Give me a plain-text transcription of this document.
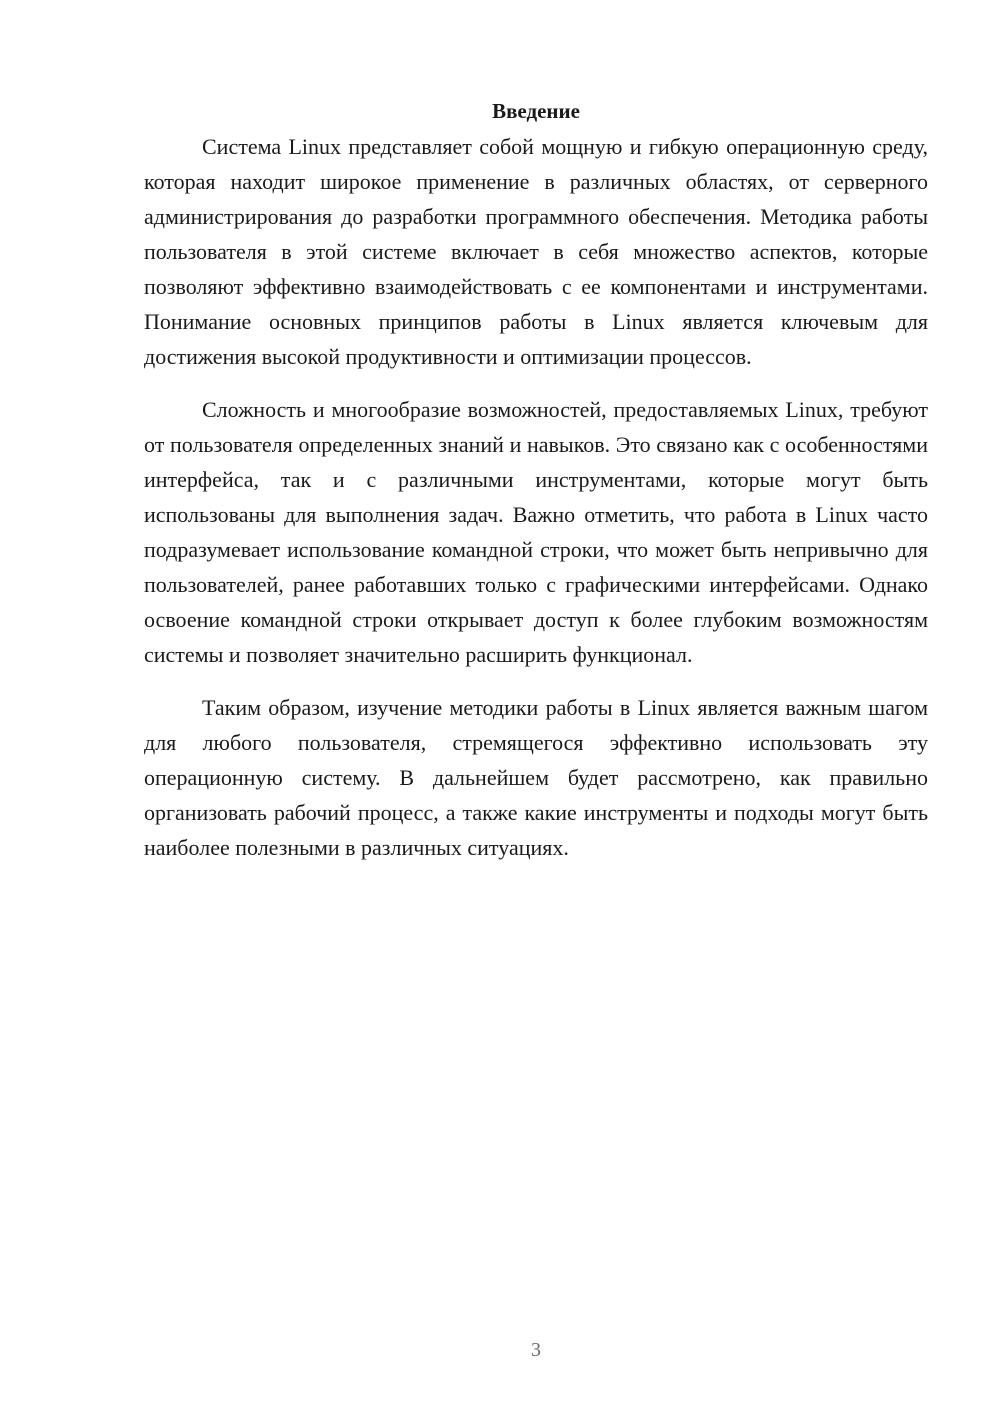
Введение

Система Linux представляет собой мощную и гибкую операционную среду, которая находит широкое применение в различных областях, от серверного администрирования до разработки программного обеспечения. Методика работы пользователя в этой системе включает в себя множество аспектов, которые позволяют эффективно взаимодействовать с ее компонентами и инструментами. Понимание основных принципов работы в Linux является ключевым для достижения высокой продуктивности и оптимизации процессов.

Сложность и многообразие возможностей, предоставляемых Linux, требуют от пользователя определенных знаний и навыков. Это связано как с особенностями интерфейса, так и с различными инструментами, которые могут быть использованы для выполнения задач. Важно отметить, что работа в Linux часто подразумевает использование командной строки, что может быть непривычно для пользователей, ранее работавших только с графическими интерфейсами. Однако освоение командной строки открывает доступ к более глубоким возможностям системы и позволяет значительно расширить функционал.

Таким образом, изучение методики работы в Linux является важным шагом для любого пользователя, стремящегося эффективно использовать эту операционную систему. В дальнейшем будет рассмотрено, как правильно организовать рабочий процесс, а также какие инструменты и подходы могут быть наиболее полезными в различных ситуациях.

3
